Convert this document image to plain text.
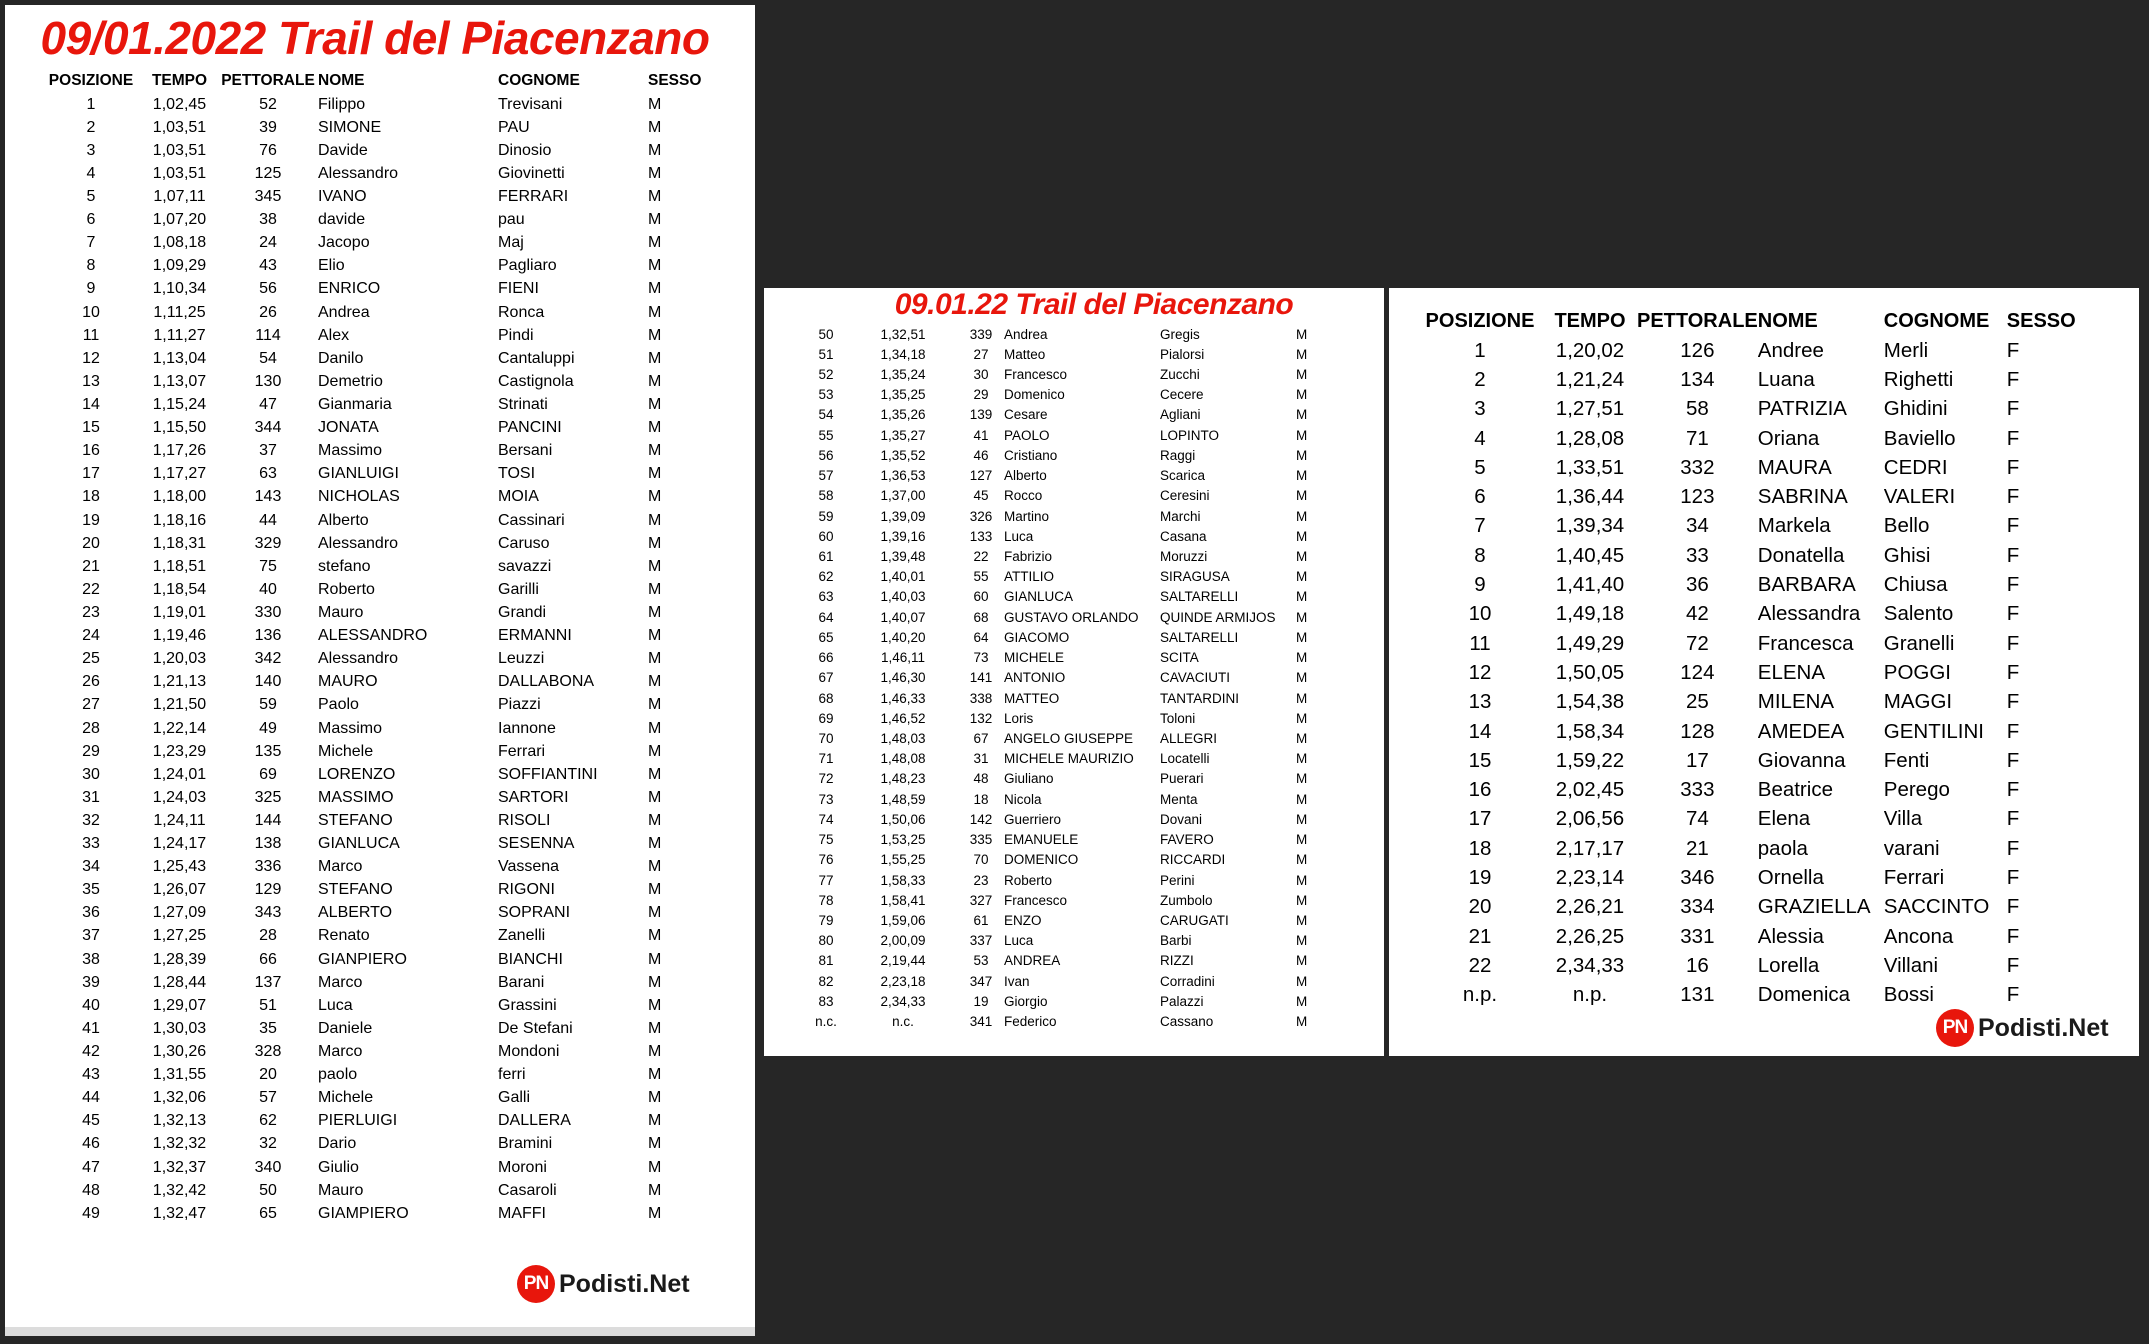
09/01.2022 Trail del Piacenzano
POSIZIONE	TEMPO	PETTORALE	NOME	COGNOME	SESSO
1	1,02,45	52	Filippo	Trevisani	M
2	1,03,51	39	SIMONE	PAU	M
3	1,03,51	76	Davide	Dinosio	M
4	1,03,51	125	Alessandro	Giovinetti	M
5	1,07,11	345	IVANO	FERRARI	M
6	1,07,20	38	davide	pau	M
7	1,08,18	24	Jacopo	Maj	M
8	1,09,29	43	Elio	Pagliaro	M
9	1,10,34	56	ENRICO	FIENI	M
10	1,11,25	26	Andrea	Ronca	M
11	1,11,27	114	Alex	Pindi	M
12	1,13,04	54	Danilo	Cantaluppi	M
13	1,13,07	130	Demetrio	Castignola	M
14	1,15,24	47	Gianmaria	Strinati	M
15	1,15,50	344	JONATA	PANCINI	M
16	1,17,26	37	Massimo	Bersani	M
17	1,17,27	63	GIANLUIGI	TOSI	M
18	1,18,00	143	NICHOLAS	MOIA	M
19	1,18,16	44	Alberto	Cassinari	M
20	1,18,31	329	Alessandro	Caruso	M
21	1,18,51	75	stefano	savazzi	M
22	1,18,54	40	Roberto	Garilli	M
23	1,19,01	330	Mauro	Grandi	M
24	1,19,46	136	ALESSANDRO	ERMANNI	M
25	1,20,03	342	Alessandro	Leuzzi	M
26	1,21,13	140	MAURO	DALLABONA	M
27	1,21,50	59	Paolo	Piazzi	M
28	1,22,14	49	Massimo	Iannone	M
29	1,23,29	135	Michele	Ferrari	M
30	1,24,01	69	LORENZO	SOFFIANTINI	M
31	1,24,03	325	MASSIMO	SARTORI	M
32	1,24,11	144	STEFANO	RISOLI	M
33	1,24,17	138	GIANLUCA	SESENNA	M
34	1,25,43	336	Marco	Vassena	M
35	1,26,07	129	STEFANO	RIGONI	M
36	1,27,09	343	ALBERTO	SOPRANI	M
37	1,27,25	28	Renato	Zanelli	M
38	1,28,39	66	GIANPIERO	BIANCHI	M
39	1,28,44	137	Marco	Barani	M
40	1,29,07	51	Luca	Grassini	M
41	1,30,03	35	Daniele	De Stefani	M
42	1,30,26	328	Marco	Mondoni	M
43	1,31,55	20	paolo	ferri	M
44	1,32,06	57	Michele	Galli	M
45	1,32,13	62	PIERLUIGI	DALLERA	M
46	1,32,32	32	Dario	Bramini	M
47	1,32,37	340	Giulio	Moroni	M
48	1,32,42	50	Mauro	Casaroli	M
49	1,32,47	65	GIAMPIERO	MAFFI	M
PN Podisti.Net
09.01.22 Trail del Piacenzano
50	1,32,51	339	Andrea	Gregis	M
51	1,34,18	27	Matteo	Pialorsi	M
52	1,35,24	30	Francesco	Zucchi	M
53	1,35,25	29	Domenico	Cecere	M
54	1,35,26	139	Cesare	Agliani	M
55	1,35,27	41	PAOLO	LOPINTO	M
56	1,35,52	46	Cristiano	Raggi	M
57	1,36,53	127	Alberto	Scarica	M
58	1,37,00	45	Rocco	Ceresini	M
59	1,39,09	326	Martino	Marchi	M
60	1,39,16	133	Luca	Casana	M
61	1,39,48	22	Fabrizio	Moruzzi	M
62	1,40,01	55	ATTILIO	SIRAGUSA	M
63	1,40,03	60	GIANLUCA	SALTARELLI	M
64	1,40,07	68	GUSTAVO ORLANDO	QUINDE ARMIJOS	M
65	1,40,20	64	GIACOMO	SALTARELLI	M
66	1,46,11	73	MICHELE	SCITA	M
67	1,46,30	141	ANTONIO	CAVACIUTI	M
68	1,46,33	338	MATTEO	TANTARDINI	M
69	1,46,52	132	Loris	Toloni	M
70	1,48,03	67	ANGELO GIUSEPPE	ALLEGRI	M
71	1,48,08	31	MICHELE MAURIZIO	Locatelli	M
72	1,48,23	48	Giuliano	Puerari	M
73	1,48,59	18	Nicola	Menta	M
74	1,50,06	142	Guerriero	Dovani	M
75	1,53,25	335	EMANUELE	FAVERO	M
76	1,55,25	70	DOMENICO	RICCARDI	M
77	1,58,33	23	Roberto	Perini	M
78	1,58,41	327	Francesco	Zumbolo	M
79	1,59,06	61	ENZO	CARUGATI	M
80	2,00,09	337	Luca	Barbi	M
81	2,19,44	53	ANDREA	RIZZI	M
82	2,23,18	347	Ivan	Corradini	M
83	2,34,33	19	Giorgio	Palazzi	M
n.c.	n.c.	341	Federico	Cassano	M
POSIZIONE	TEMPO	PETTORALE	NOME	COGNOME	SESSO
1	1,20,02	126	Andree	Merli	F
2	1,21,24	134	Luana	Righetti	F
3	1,27,51	58	PATRIZIA	Ghidini	F
4	1,28,08	71	Oriana	Baviello	F
5	1,33,51	332	MAURA	CEDRI	F
6	1,36,44	123	SABRINA	VALERI	F
7	1,39,34	34	Markela	Bello	F
8	1,40,45	33	Donatella	Ghisi	F
9	1,41,40	36	BARBARA	Chiusa	F
10	1,49,18	42	Alessandra	Salento	F
11	1,49,29	72	Francesca	Granelli	F
12	1,50,05	124	ELENA	POGGI	F
13	1,54,38	25	MILENA	MAGGI	F
14	1,58,34	128	AMEDEA	GENTILINI	F
15	1,59,22	17	Giovanna	Fenti	F
16	2,02,45	333	Beatrice	Perego	F
17	2,06,56	74	Elena	Villa	F
18	2,17,17	21	paola	varani	F
19	2,23,14	346	Ornella	Ferrari	F
20	2,26,21	334	GRAZIELLA	SACCINTO	F
21	2,26,25	331	Alessia	Ancona	F
22	2,34,33	16	Lorella	Villani	F
n.p.	n.p.	131	Domenica	Bossi	F
PN Podisti.Net
